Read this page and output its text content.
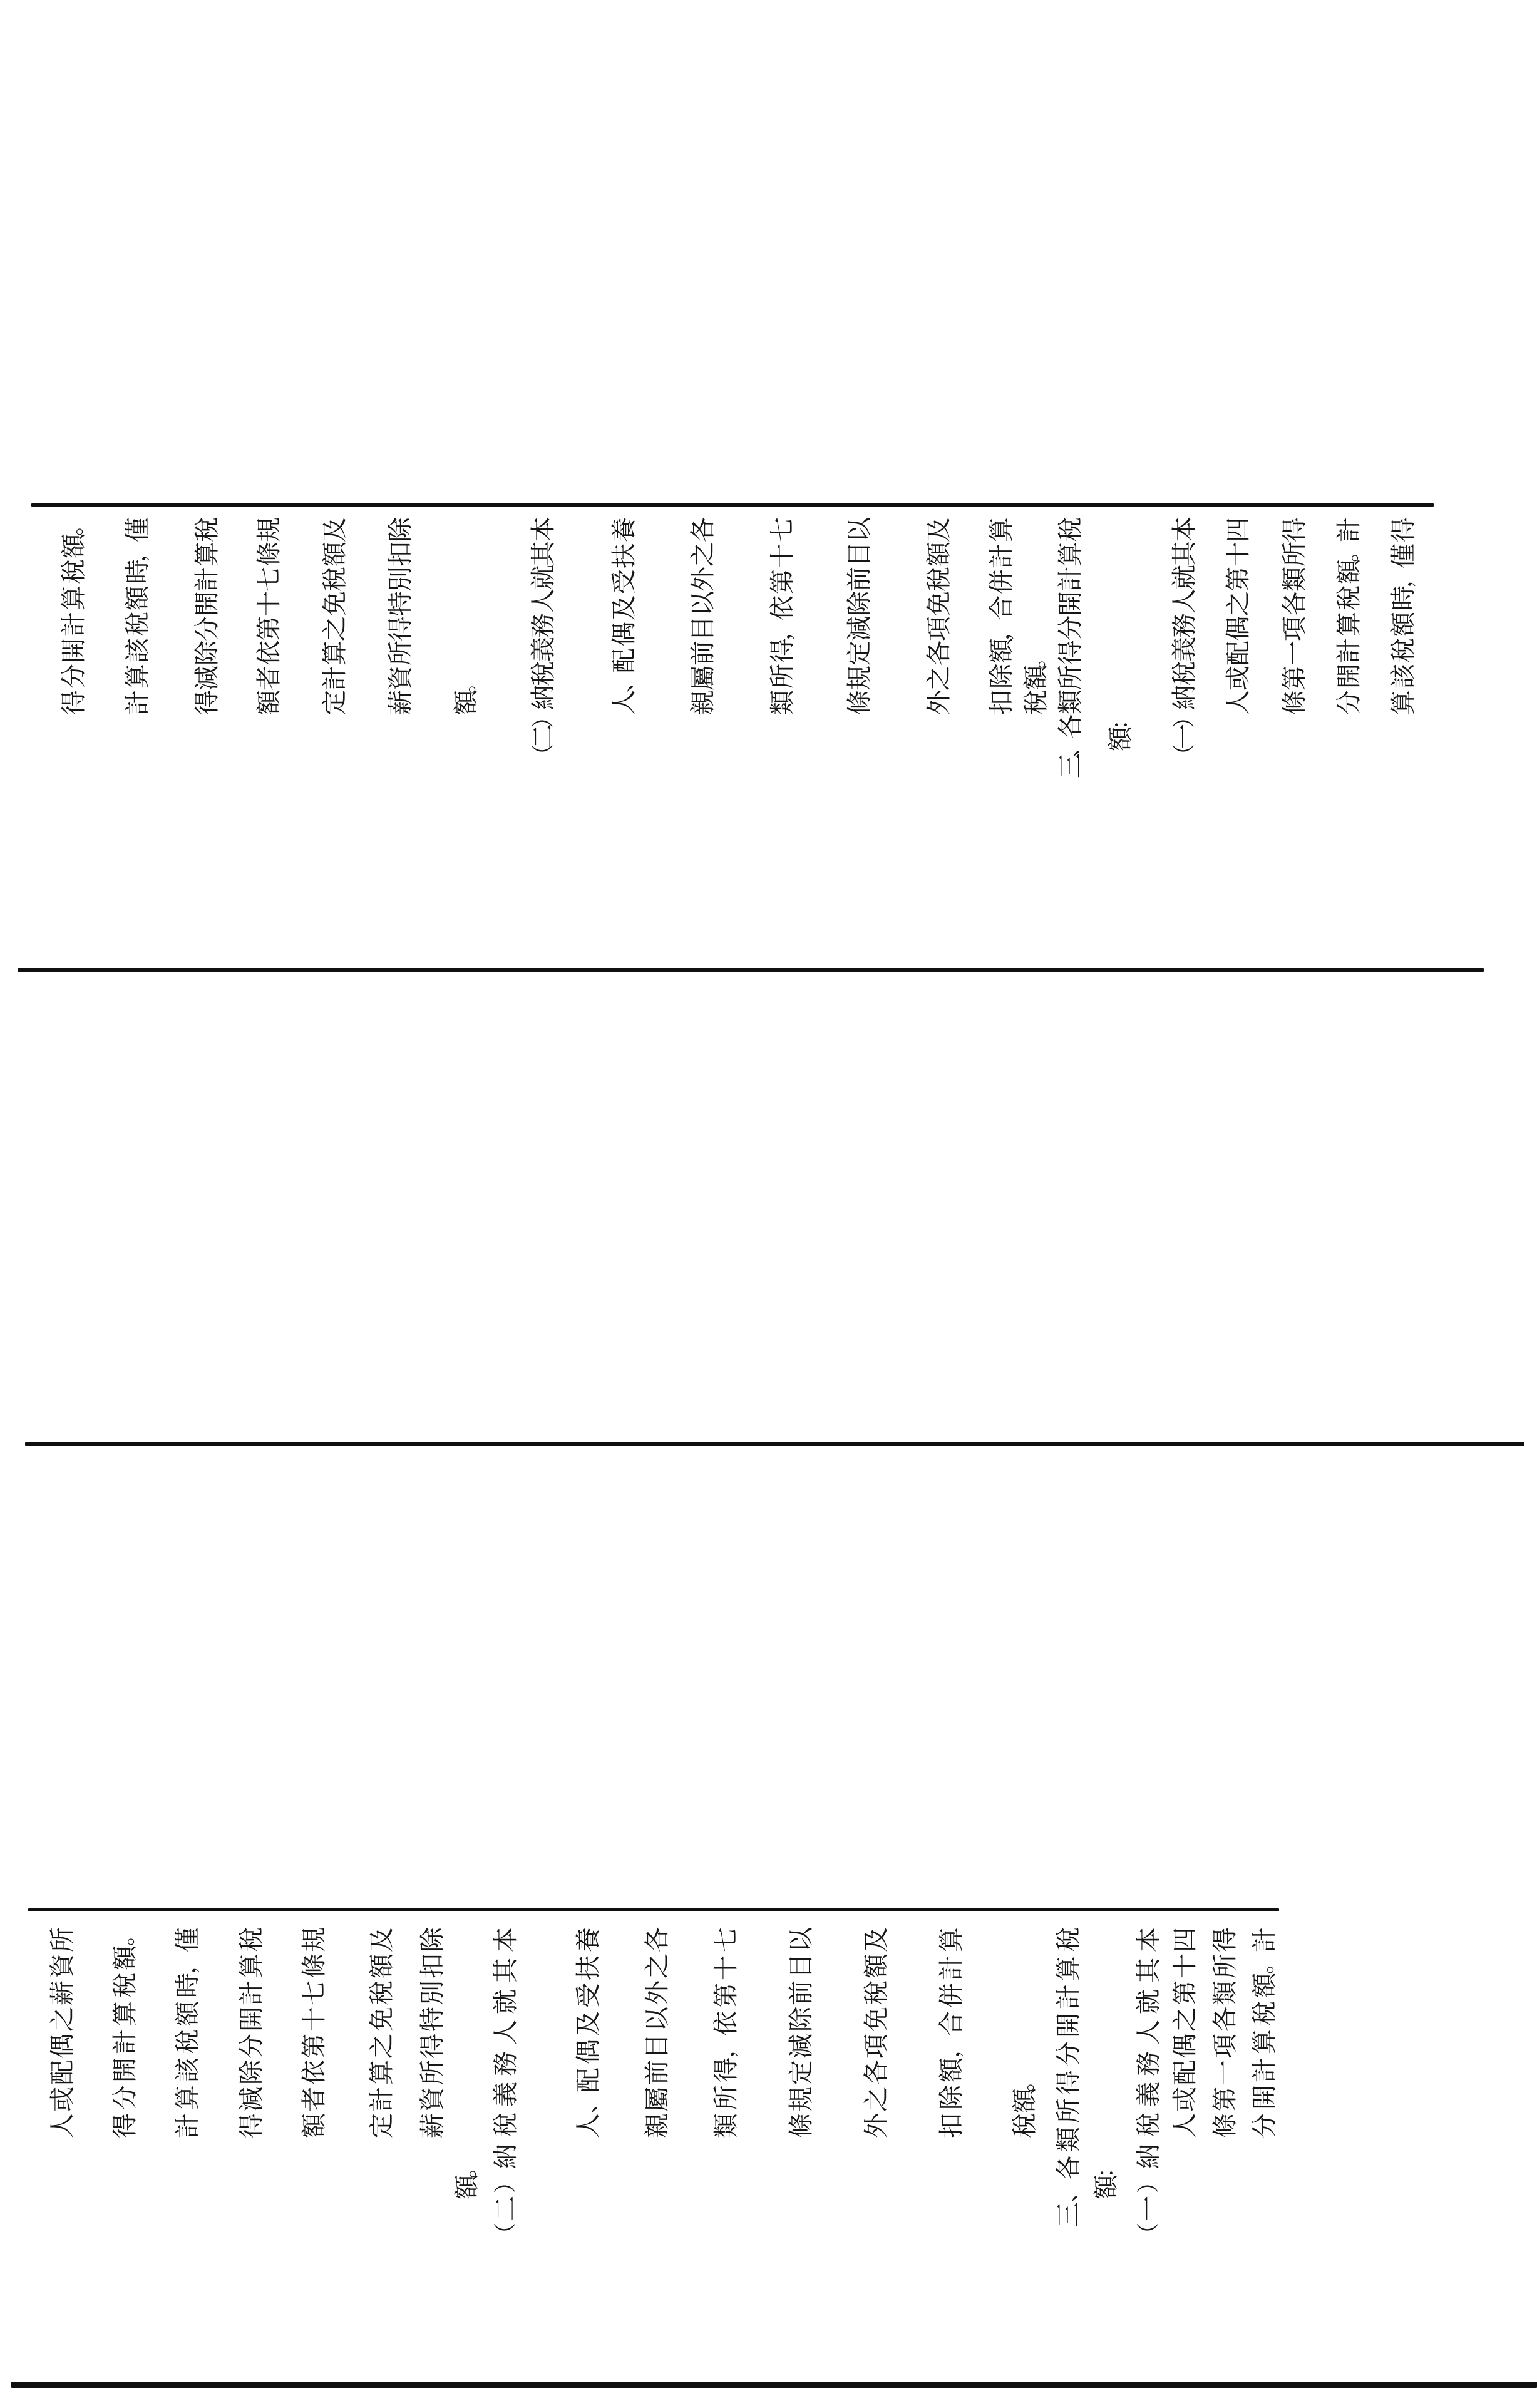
得
分
開
計
算
稅
額
。
計
算
該
稅
額
時
，
僅
得
減
除
分
開
計
算
稅
額
者
依
第
十
七
條
規
定
計
算
之
免
稅
額
及
薪
資
所
得
特
別
扣
除
額
。
（
二
）
納
稅
義
務
人
就
其
本
人
、
配
偶
及
受
扶
養
親
屬
前
目
以
外
之
各
類
所
得
，
依
第
十
七
條
規
定
減
除
前
目
以
外
之
各
項
免
稅
額
及
扣
除
額
，
合
併
計
算
稅
額
。
三
、
各
類
所
得
分
開
計
算
稅
額
：
（
一
）
納
稅
義
務
人
就
其
本
人
或
配
偶
之
第
十
四
條
第
一
項
各
類
所
得
分
開
計
算
稅
額
。
計
算
該
稅
額
時
，
僅
得
人
或
配
偶
之
薪
資
所
得
分
開
計
算
稅
額
。
計
算
該
稅
額
時
，
僅
得
減
除
分
開
計
算
稅
額
者
依
第
十
七
條
規
定
計
算
之
免
稅
額
及
薪
資
所
得
特
別
扣
除
額
。
（
二
）
納
稅
義
務
人
就
其
本
人
、
配
偶
及
受
扶
養
親
屬
前
目
以
外
之
各
類
所
得
，
依
第
十
七
條
規
定
減
除
前
目
以
外
之
各
項
免
稅
額
及
扣
除
額
，
合
併
計
算
稅
額
。
三
、
各
類
所
得
分
開
計
算
稅
額
：
（
一
）
納
稅
義
務
人
就
其
本
人
或
配
偶
之
第
十
四
條
第
一
項
各
類
所
得
分
開
計
算
稅
額
。
計
